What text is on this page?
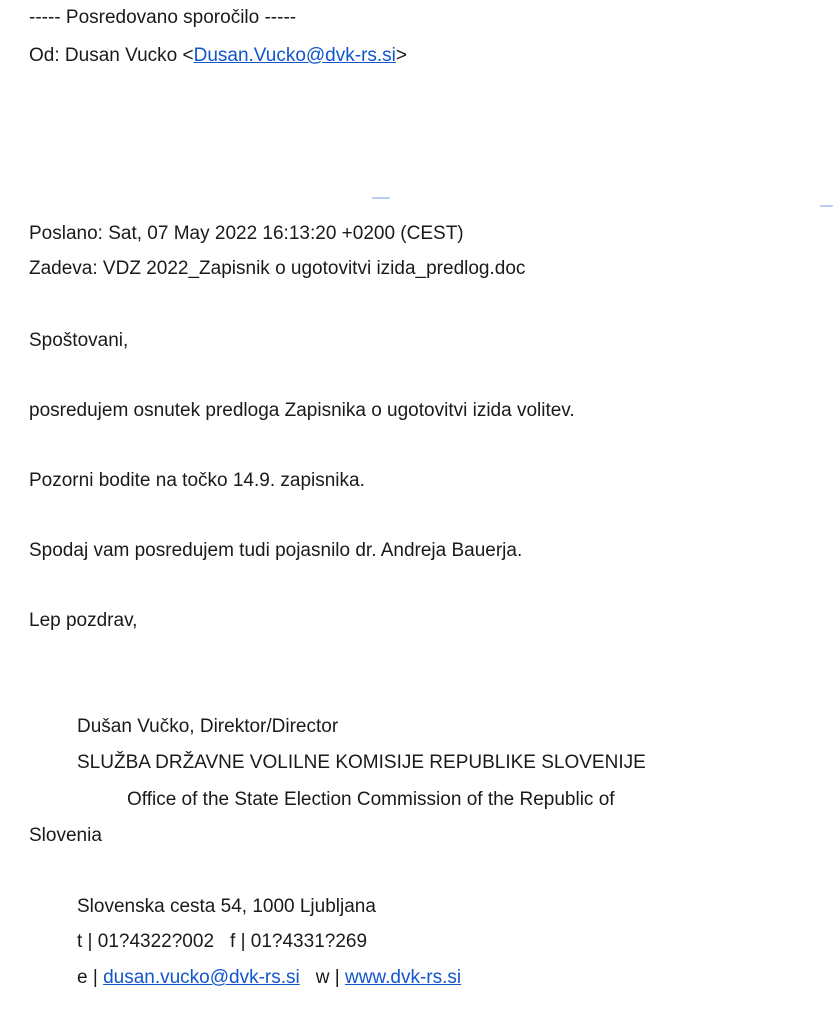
----- Posredovano sporočilo -----
Od: Dusan Vucko <Dusan.Vucko@dvk-rs.si>
Poslano: Sat, 07 May 2022 16:13:20 +0200 (CEST)
Zadeva: VDZ 2022_Zapisnik o ugotovitvi izida_predlog.doc
Spoštovani,
posredujem osnutek predloga Zapisnika o ugotovitvi izida volitev.
Pozorni bodite na točko 14.9. zapisnika.
Spodaj vam posredujem tudi pojasnilo dr. Andreja Bauerja.
Lep pozdrav,
Dušan Vučko, Direktor/Director
SLUŽBA DRŽAVNE VOLILNE KOMISIJE REPUBLIKE SLOVENIJE
Office of the State Election Commission of the Republic of
Slovenia
Slovenska cesta 54, 1000 Ljubljana
t | 01?4322?002 f | 01?4331?269
e | dusan.vucko@dvk-rs.si w | www.dvk-rs.si
